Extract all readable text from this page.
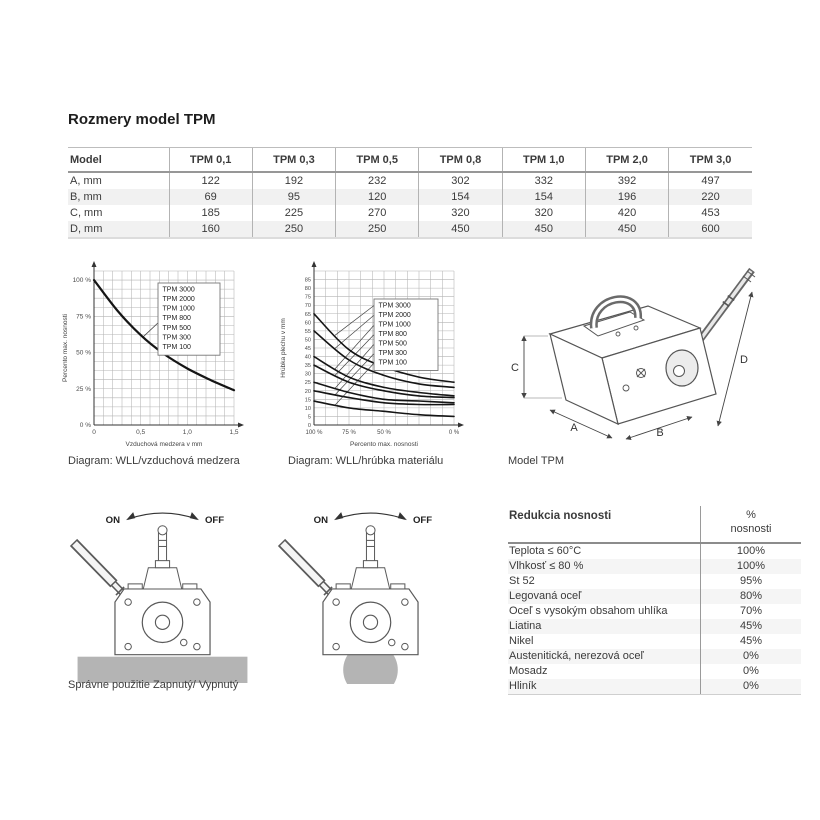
Rozmery model TPM
Model	TPM 0,1	TPM 0,3	TPM 0,5	TPM 0,8	TPM 1,0	TPM 2,0	TPM 3,0
A, mm	122	192	232	302	332	392	497
B, mm	69	95	120	154	154	196	220
C, mm	185	225	270	320	320	420	453
D, mm	160	250	250	450	450	450	600
0	0,5	1,0	1,5
0 %
25 %
50 %
75 %
100 %
TPM 3000
TPM 2000
TPM 1000
TPM 800
TPM 500
TPM 300
TPM 100
Vzduchová medzera v mm
Percento max. nosnosti
Diagram: WLL/vzduchová medzera
100 %	75 %	50 %	0 %
0
5
10
15
20
25
30
35
40
45
50
55
60
65
70
75
80
85
TPM 3000
TPM 2000
TPM 1000
TPM 800
TPM 500
TPM 300
TPM 100
Percento max. nosnosti
Hrúbka plechu v mm
Diagram: WLL/hrúbka materiálu
C
A	B
D
Model TPM
ON	OFF	ON	OFF
Správne použitie Zapnutý/ Vypnutý
Redukcia nosnosti	%
nosnosti
Teplota ≤ 60°C	100%
Vlhkosť ≤ 80 %	100%
St 52	95%
Legovaná oceľ	80%
Oceľ s vysokým obsahom uhlíka	70%
Liatina	45%
Nikel	45%
Austenitická, nerezová oceľ	0%
Mosadz	0%
Hliník	0%
